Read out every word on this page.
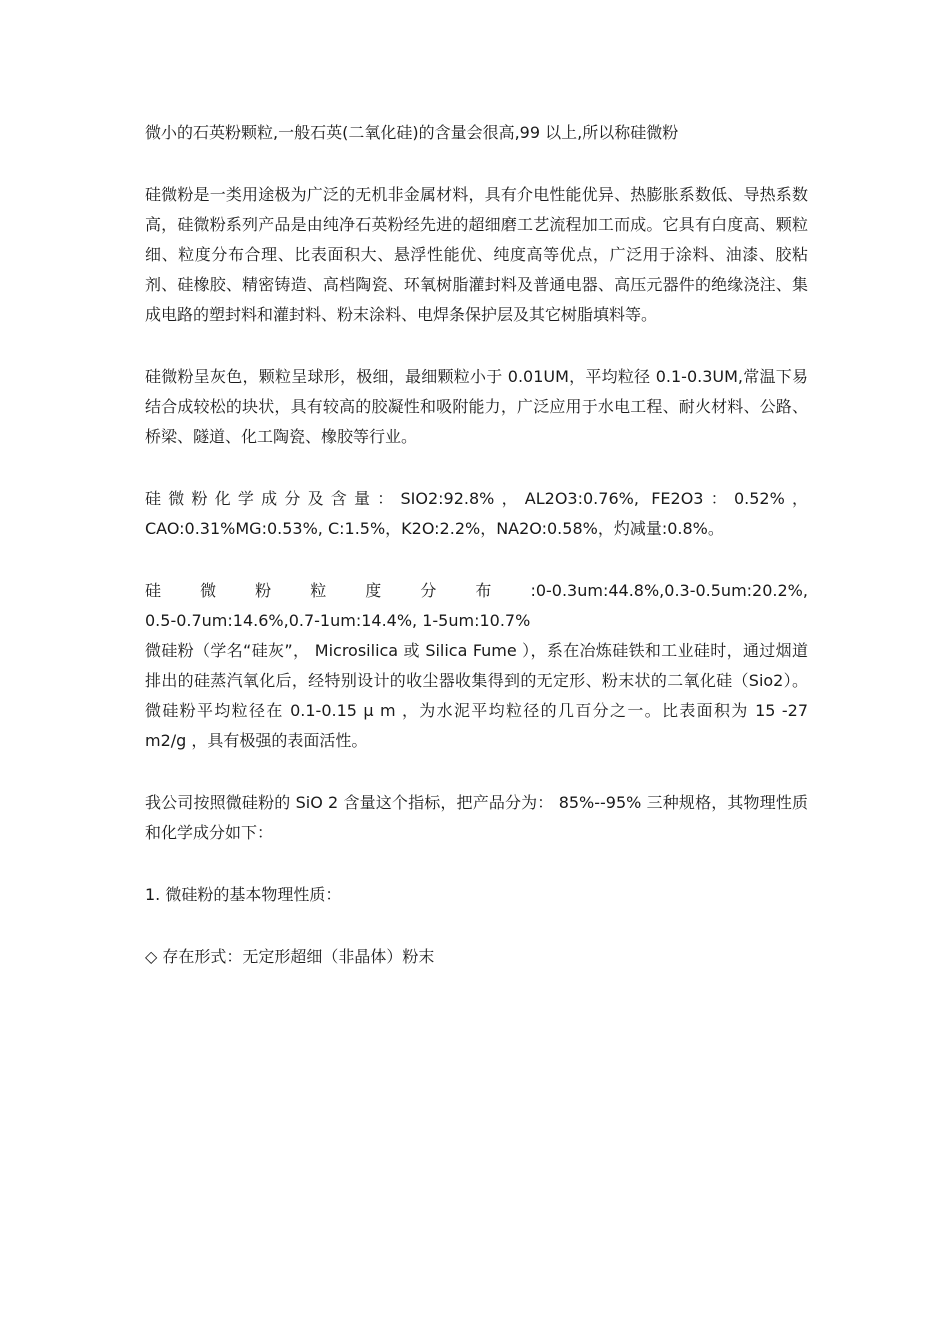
微小的石英粉颗粒,一般石英(二氧化硅)的含量会很高,99 以上,所以称硅微粉

硅微粉是一类用途极为广泛的无机非金属材料，具有介电性能优异、热膨胀系数低、导热系数高，硅微粉系列产品是由纯净石英粉经先进的超细磨工艺流程加工而成。它具有白度高、颗粒细、粒度分布合理、比表面积大、悬浮性能优、纯度高等优点，广泛用于涂料、油漆、胶粘剂、硅橡胶、精密铸造、高档陶瓷、环氧树脂灌封料及普通电器、高压元器件的绝缘浇注、集成电路的塑封料和灌封料、粉末涂料、电焊条保护层及其它树脂填料等。

硅微粉呈灰色，颗粒呈球形，极细，最细颗粒小于 0.01UM，平均粒径 0.1-0.3UM,常温下易结合成较松的块状，具有较高的胶凝性和吸附能力，广泛应用于水电工程、耐火材料、公路、桥梁、隧道、化工陶瓷、橡胶等行业。

硅微粉化学成分及含量：SIO2:92.8%，AL2O3:0.76%, FE2O3：0.52%，CAO:0.31%MG:0.53%, C:1.5%，K2O:2.2%，NA2O:0.58%，灼减量:0.8%。

硅 微 粉 粒 度 分 布 :0-0.3um:44.8%,0.3-0.5um:20.2%,

0.5-0.7um:14.6%,0.7-1um:14.4%, 1-5um:10.7%

微硅粉（学名“硅灰”， Microsilica 或 Silica Fume ），系在冶炼硅铁和工业硅时，通过烟道排出的硅蒸汽氧化后，经特别设计的收尘器收集得到的无定形、粉末状的二氧化硅（Sio2）。微硅粉平均粒径在 0.1-0.15 μ m ，为水泥平均粒径的几百分之一。比表面积为 15 -27 m2/g ，具有极强的表面活性。

我公司按照微硅粉的 SiO 2 含量这个指标，把产品分为： 85%--95% 三种规格，其物理性质和化学成分如下：

1. 微硅粉的基本物理性质：

◇ 存在形式：无定形超细（非晶体）粉末
